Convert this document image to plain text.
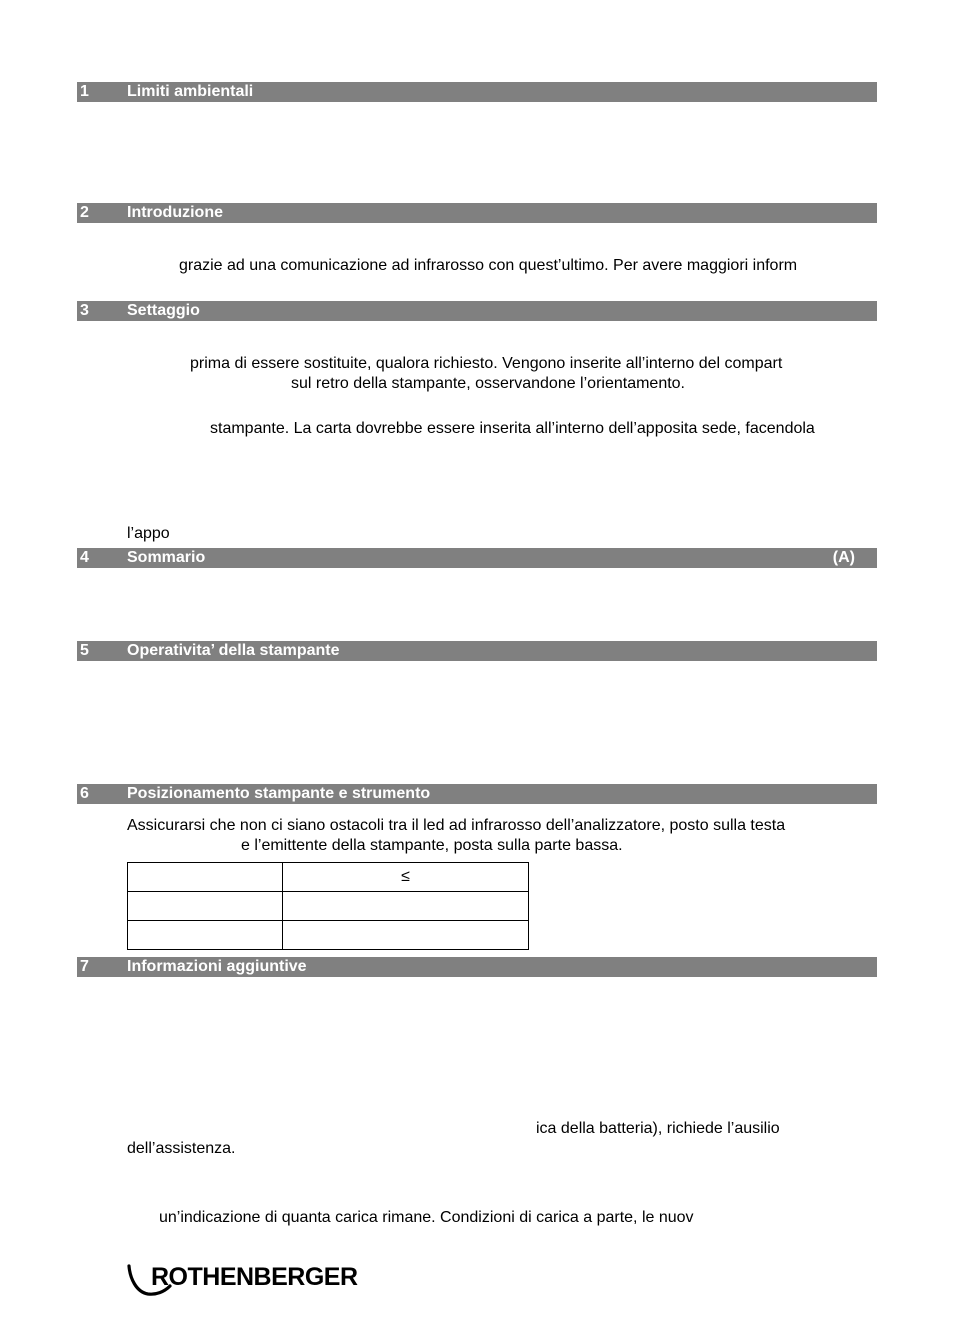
1 Limiti ambientali
2 Introduzione
grazie ad una comunicazione ad infrarosso con quest’ultimo. Per avere maggiori inform
3 Settaggio
prima di essere sostituite, qualora richiesto. Vengono inserite all’interno del compart
sul retro della stampante, osservandone l’orientamento.
stampante. La carta dovrebbe essere inserita all’interno dell’apposita sede, facendola
l’appo
4 Sommario	(A)
5 Operativita’ della stampante
6 Posizionamento stampante e strumento
Assicurarsi che non ci siano ostacoli tra il led ad infrarosso dell’analizzatore, posto sulla testa
e l’emittente della stampante, posta sulla parte bassa.
	≤

7 Informazioni aggiuntive
ica della batteria), richiede l’ausilio
dell’assistenza.
un’indicazione di quanta carica rimane. Condizioni di carica a parte, le nuov
ROTHENBERGER
